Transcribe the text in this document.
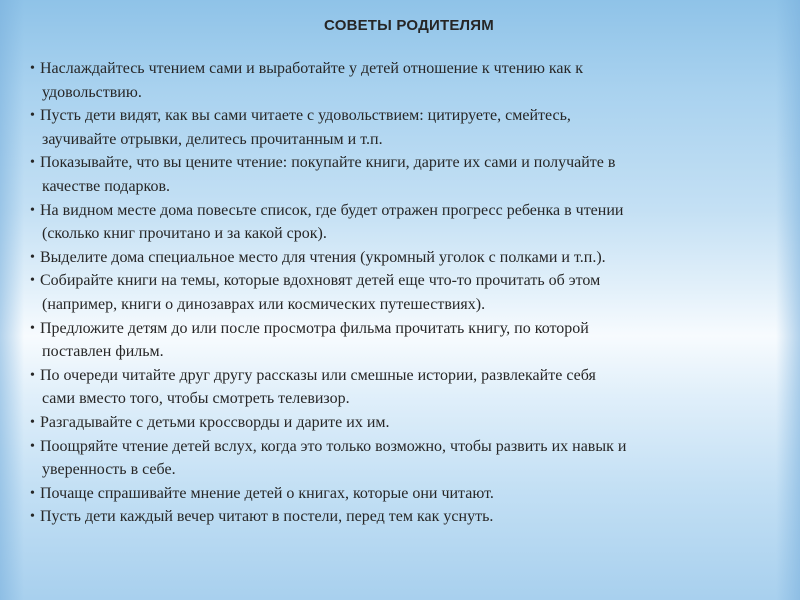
СОВЕТЫ РОДИТЕЛЯМ
• Наслаждайтесь чтением сами и выработайте у детей отношение к чтению как к
удовольствию.
• Пусть дети видят, как вы сами читаете с удовольствием: цитируете, смейтесь,
заучивайте отрывки, делитесь прочитанным и т.п.
• Показывайте, что вы цените чтение: покупайте книги, дарите их сами и получайте в
качестве подарков.
• На видном месте дома повесьте список, где будет отражен прогресс ребенка в чтении
(сколько книг прочитано и за какой срок).
• Выделите дома специальное место для чтения (укромный уголок с полками и т.п.).
• Собирайте книги на темы, которые вдохновят детей еще что-то прочитать об этом
(например, книги о динозаврах или космических путешествиях).
• Предложите детям до или после просмотра фильма прочитать книгу, по которой
поставлен фильм.
• По очереди читайте друг другу рассказы или смешные истории, развлекайте себя
сами вместо того, чтобы смотреть телевизор.
• Разгадывайте с детьми кроссворды и дарите их им.
• Поощряйте чтение детей вслух, когда это только возможно, чтобы развить их навык и
уверенность в себе.
• Почаще спрашивайте мнение детей о книгах, которые они читают.
• Пусть дети каждый вечер читают в постели, перед тем как уснуть.
